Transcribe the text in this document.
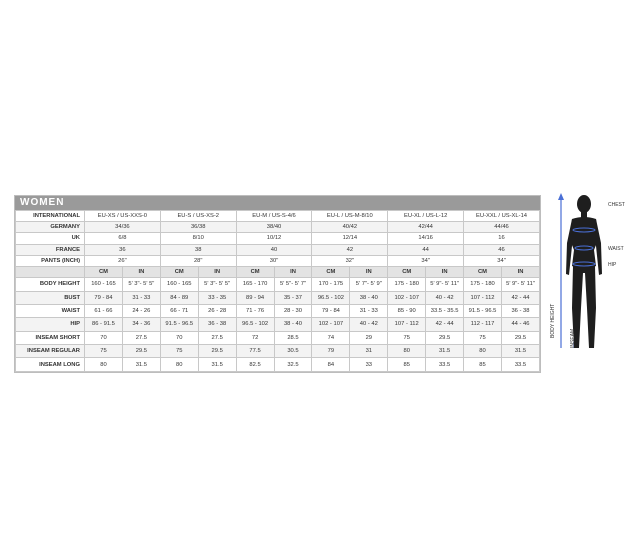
WOMEN
INTERNATIONAL	EU-XS / US-XXS-0		EU-S / US-XS-2		EU-M / US-S-4/6		EU-L / US-M-8/10		EU-XL / US-L-12		EU-XXL / US-XL-14	
GERMANY	34/36		36/38		38/40		40/42		42/44		44/46	
UK	6/8		8/10		10/12		12/14		14/16		16	
FRANCE	36		38		40		42		44		46	
PANTS (INCH)	26"		28"		30"		32"		34"		34"	
	CM	IN	CM	IN	CM	IN	CM	IN	CM	IN	CM	IN
BODY HEIGHT	160 - 165	5' 3"- 5' 5"	160 - 165	5' 3"- 5' 5"	165 - 170	5' 5"- 5' 7"	170 - 175	5' 7"- 5' 9"	175 - 180	5' 9"- 5' 11"	175 - 180	5' 9"- 5' 11"
BUST	79 - 84	31 - 33	84 - 89	33 - 35	89 - 94	35 - 37	96.5 - 102	38 - 40	102 - 107	40 - 42	107 - 112	42 - 44
WAIST	61 - 66	24 - 26	66 - 71	26 - 28	71 - 76	28 - 30	79 - 84	31 - 33	85 - 90	33.5 - 35.5	91.5 - 96.5	36 - 38
HIP	86 - 91.5	34 - 36	91.5 - 96.5	36 - 38	96.5 - 102	38 - 40	102 - 107	40 - 42	107 - 112	42 - 44	112 - 117	44 - 46
INSEAM SHORT	70	27.5	70	27.5	72	28.5	74	29	75	29.5	75	29.5
INSEAM REGULAR	75	29.5	75	29.5	77.5	30.5	79	31	80	31.5	80	31.5
INSEAM LONG	80	31.5	80	31.5	82.5	32.5	84	33	85	33.5	85	33.5
CHEST
WAIST
HIP
BODY HEIGHT
INSEAM
